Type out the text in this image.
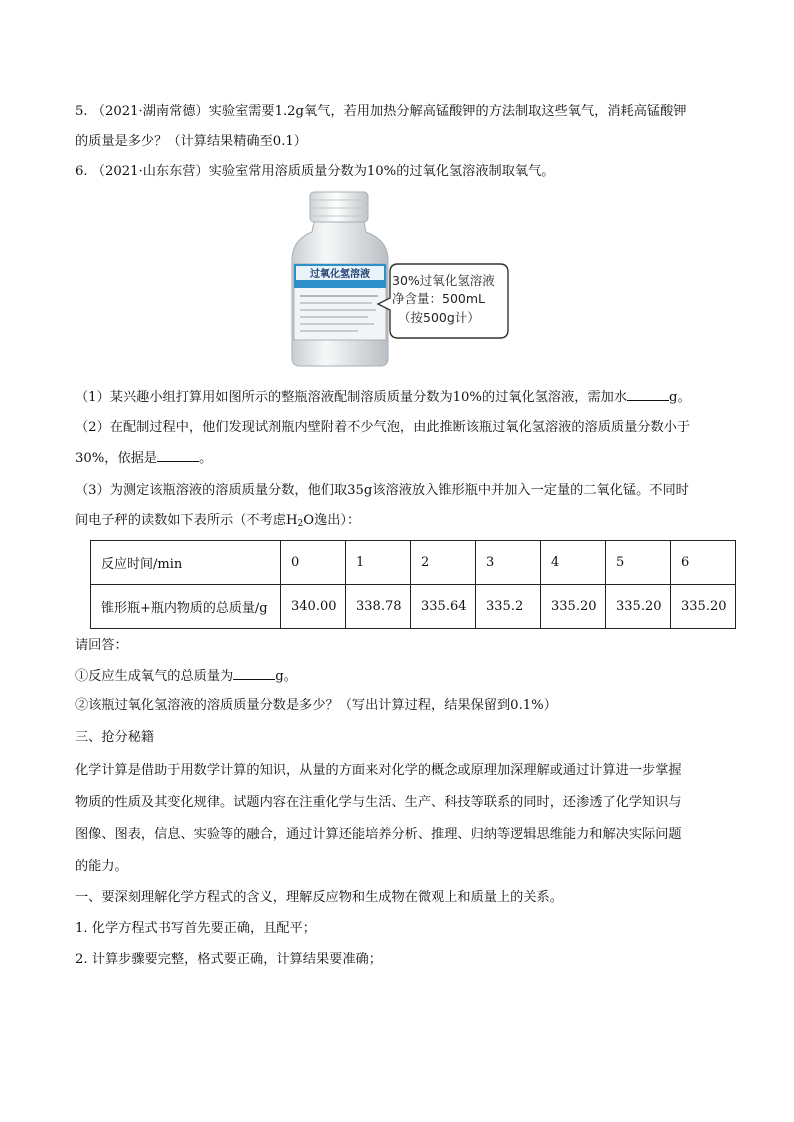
5. （2021·湖南常德）实验室需要1.2g氧气，若用加热分解高锰酸钾的方法制取这些氧气，消耗高锰酸钾
的质量是多少？（计算结果精确至0.1）
6. （2021·山东东营）实验室常用溶质质量分数为10%的过氧化氢溶液制取氧气。
过氧化氢溶液 30%过氧化氢溶液
净含量：500mL
（按500g计）
（1）某兴趣小组打算用如图所示的整瓶溶液配制溶质质量分数为10%的过氧化氢溶液，需加水	g。
（2）在配制过程中，他们发现试剂瓶内壁附着不少气泡，由此推断该瓶过氧化氢溶液的溶质质量分数小于
30%，依据是	。
（3）为测定该瓶溶液的溶质质量分数，他们取35g该溶液放入锥形瓶中并加入一定量的二氧化锰。不同时
间电子秤的读数如下表所示（不考虑$H_2O$逸出）：
反应时间/min	0	1	2	3	4	5	6
锥形瓶+瓶内物质的总质量/g	340.00	338.78	335.64	335.2	335.20	335.20	335.20
请回答：
①反应生成氧气的总质量为	g。
②该瓶过氧化氢溶液的溶质质量分数是多少？（写出计算过程，结果保留到0.1%）
三、抢分秘籍
化学计算是借助于用数学计算的知识，从量的方面来对化学的概念或原理加深理解或通过计算进一步掌握
物质的性质及其变化规律。试题内容在注重化学与生活、生产、科技等联系的同时，还渗透了化学知识与
图像、图表，信息、实验等的融合，通过计算还能培养分析、推理、归纳等逻辑思维能力和解决实际问题
的能力。
一、要深刻理解化学方程式的含义，理解反应物和生成物在微观上和质量上的关系。
1. 化学方程式书写首先要正确，且配平；
2. 计算步骤要完整，格式要正确，计算结果要准确；
